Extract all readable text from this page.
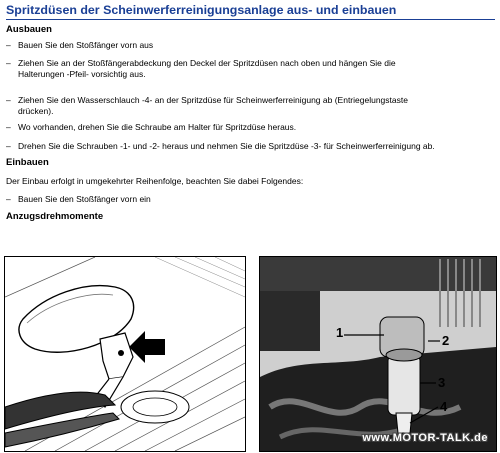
Spritzdüsen der Scheinwerferreinigungsanlage aus- und einbauen
Ausbauen
– Bauen Sie den Stoßfänger vorn aus
– Ziehen Sie an der Stoßfängerabdeckung den Deckel der Spritzdüsen nach oben und hängen Sie die
Halterungen -Pfeil- vorsichtig aus.
– Ziehen Sie den Wasserschlauch -4- an der Spritzdüse für Scheinwerferreinigung ab (Entriegelungstaste
drücken).
– Wo vorhanden, drehen Sie die Schraube am Halter für Spritzdüse heraus.
– Drehen Sie die Schrauben -1- und -2- heraus und nehmen Sie die Spritzdüse -3- für Scheinwerferreinigung ab.
Einbauen
Der Einbau erfolgt in umgekehrter Reihenfolge, beachten Sie dabei Folgendes:
– Bauen Sie den Stoßfänger vorn ein
Anzugsdrehmomente
1
2
3
4
www.MOTOR-TALK.de
